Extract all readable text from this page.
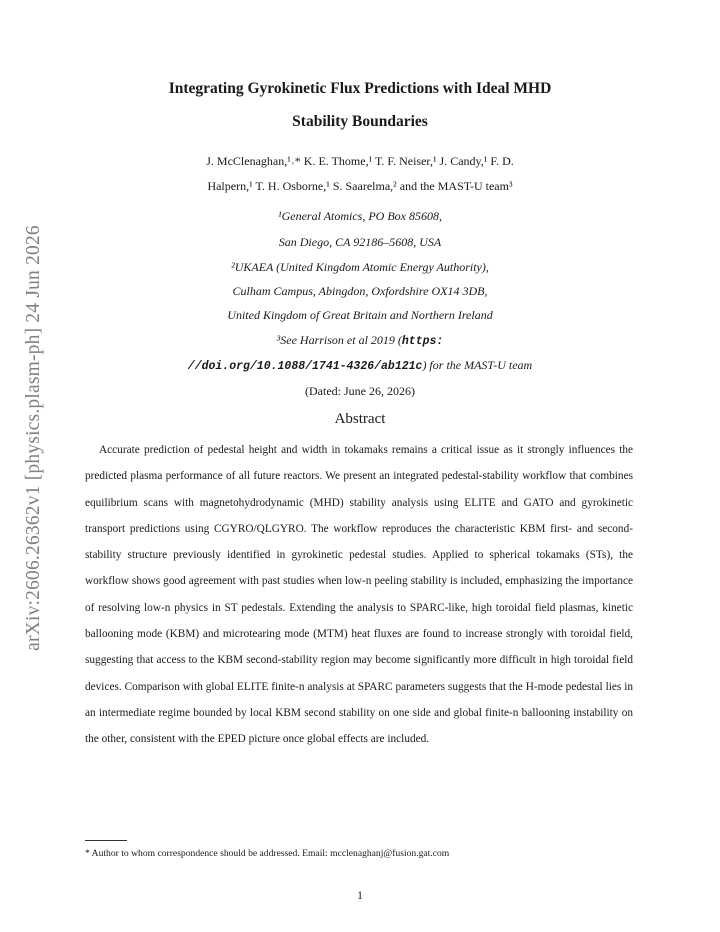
arXiv:2606.26362v1 [physics.plasm-ph] 24 Jun 2026
Integrating Gyrokinetic Flux Predictions with Ideal MHD
Stability Boundaries
J. McClenaghan,¹˒* K. E. Thome,¹ T. F. Neiser,¹ J. Candy,¹ F. D.
Halpern,¹ T. H. Osborne,¹ S. Saarelma,² and the MAST-U team³
¹General Atomics, PO Box 85608,
San Diego, CA 92186–5608, USA
²UKAEA (United Kingdom Atomic Energy Authority),
Culham Campus, Abingdon, Oxfordshire OX14 3DB,
United Kingdom of Great Britain and Northern Ireland
³See Harrison et al 2019 (https:
//doi.org/10.1088/1741-4326/ab121c) for the MAST-U team
(Dated: June 26, 2026)
Abstract

Accurate prediction of pedestal height and width in tokamaks remains a critical issue as it strongly influences the predicted plasma performance of all future reactors. We present an integrated pedestal-stability workflow that combines equilibrium scans with magnetohydrodynamic (MHD) stability analysis using ELITE and GATO and gyrokinetic transport predictions using CGYRO/QLGYRO. The workflow reproduces the characteristic KBM first- and second-stability structure previously identified in gyrokinetic pedestal studies. Applied to spherical tokamaks (STs), the workflow shows good agreement with past studies when low-n peeling stability is included, emphasizing the importance of resolving low-n physics in ST pedestals. Extending the analysis to SPARC-like, high toroidal field plasmas, kinetic ballooning mode (KBM) and microtearing mode (MTM) heat fluxes are found to increase strongly with toroidal field, suggesting that access to the KBM second-stability region may become significantly more difficult in high toroidal field devices. Comparison with global ELITE finite-n analysis at SPARC parameters suggests that the H-mode pedestal lies in an intermediate regime bounded by local KBM second stability on one side and global finite-n ballooning instability on the other, consistent with the EPED picture once global effects are included.

* Author to whom correspondence should be addressed. Email: mcclenaghanj@fusion.gat.com
1
